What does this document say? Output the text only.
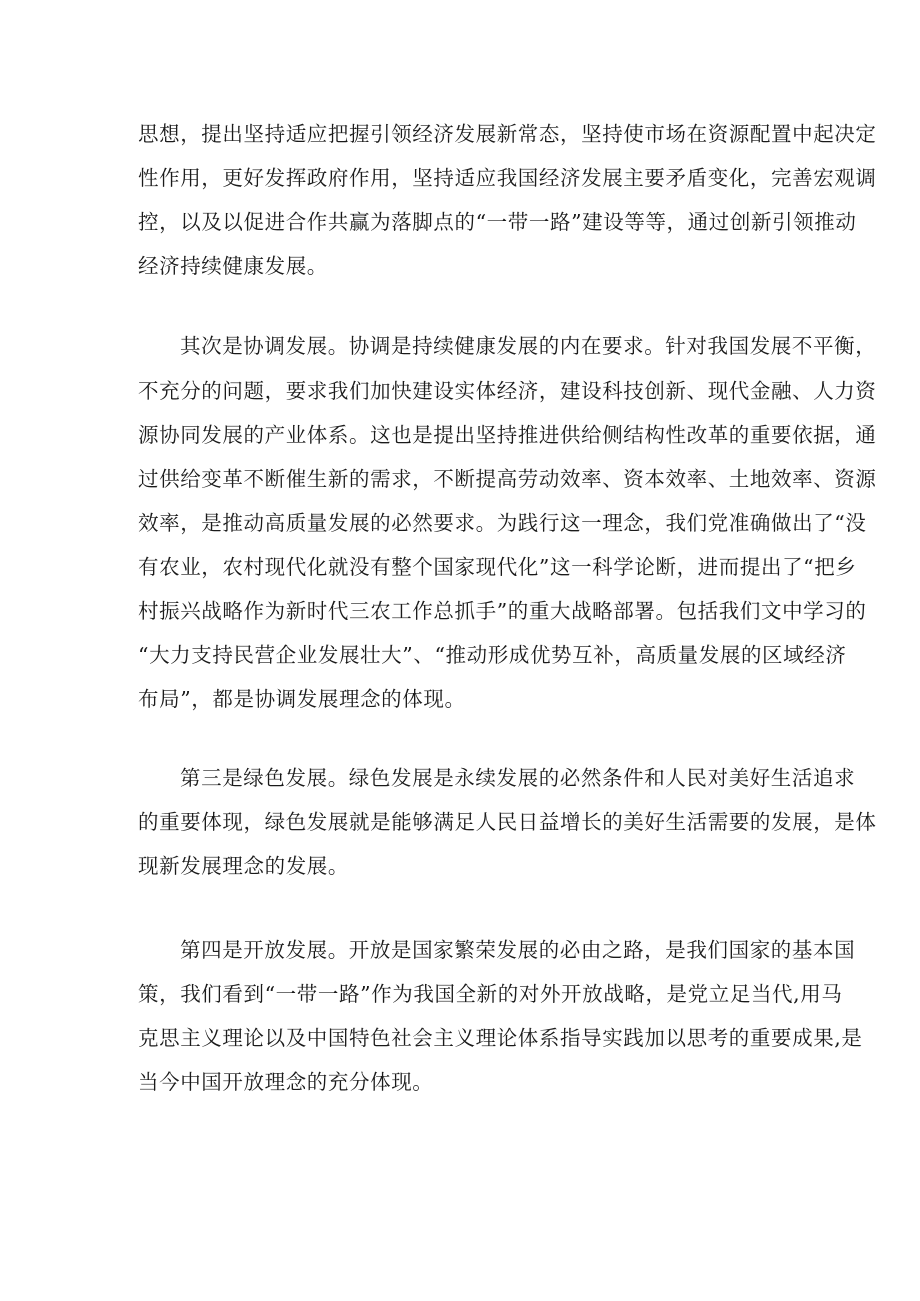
思想，提出坚持适应把握引领经济发展新常态，坚持使市场在资源配置中起决定
性作用，更好发挥政府作用，坚持适应我国经济发展主要矛盾变化，完善宏观调
控，以及以促进合作共赢为落脚点的“一带一路”建设等等，通过创新引领推动
经济持续健康发展。
其次是协调发展。协调是持续健康发展的内在要求。针对我国发展不平衡，
不充分的问题，要求我们加快建设实体经济，建设科技创新、现代金融、人力资
源协同发展的产业体系。这也是提出坚持推进供给侧结构性改革的重要依据，通
过供给变革不断催生新的需求，不断提高劳动效率、资本效率、土地效率、资源
效率，是推动高质量发展的必然要求。为践行这一理念，我们党准确做出了“没
有农业，农村现代化就没有整个国家现代化”这一科学论断，进而提出了“把乡
村振兴战略作为新时代三农工作总抓手”的重大战略部署。包括我们文中学习的
“大力支持民营企业发展壮大”、“推动形成优势互补，高质量发展的区域经济
布局”，都是协调发展理念的体现。
第三是绿色发展。绿色发展是永续发展的必然条件和人民对美好生活追求
的重要体现，绿色发展就是能够满足人民日益增长的美好生活需要的发展，是体
现新发展理念的发展。
第四是开放发展。开放是国家繁荣发展的必由之路，是我们国家的基本国
策，我们看到“一带一路”作为我国全新的对外开放战略，是党立足当代,用马
克思主义理论以及中国特色社会主义理论体系指导实践加以思考的重要成果,是
当今中国开放理念的充分体现。
